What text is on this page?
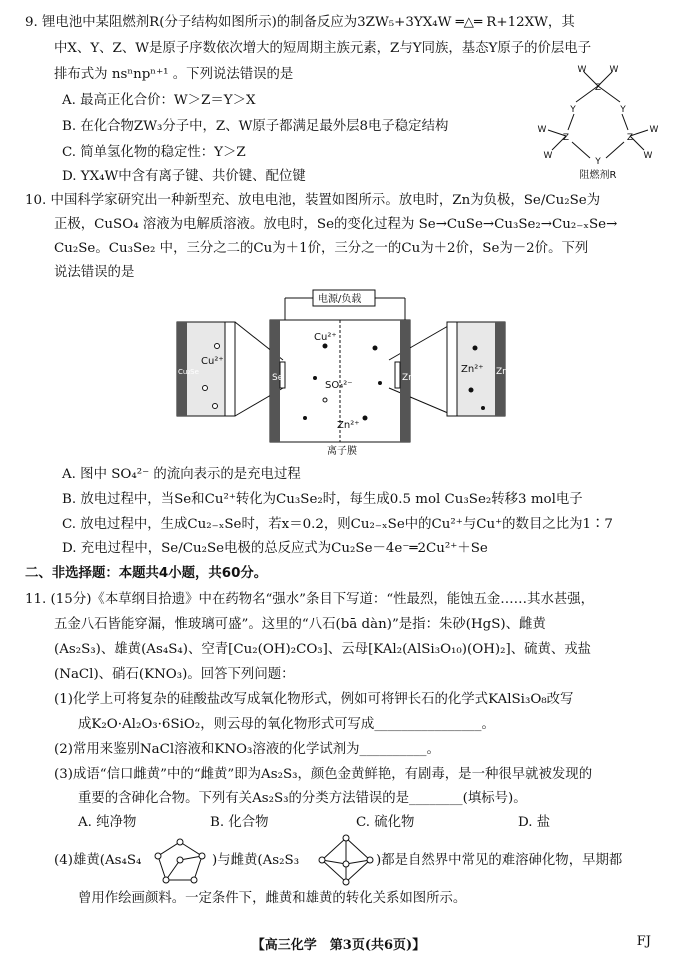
9. 锂电池中某阻燃剂R(分子结构如图所示)的制备反应为3ZW₅+3YX₄W ═△═ R+12XW，其
中X、Y、Z、W是原子序数依次增大的短周期主族元素，Z与Y同族，基态Y原子的价层电子
排布式为 nsⁿnpⁿ⁺¹ 。下列说法错误的是
A. 最高正化合价：W＞Z＝Y＞X
B. 在化合物ZW₃分子中，Z、W原子都满足最外层8电子稳定结构
C. 简单氢化物的稳定性：Y＞Z
D. YX₄W中含有离子键、共价键、配位键
Z
Y	Y
Z	Z
Y
W	W
W
W
W
W
阻燃剂R
10. 中国科学家研究出一种新型充、放电电池，装置如图所示。放电时，Zn为负极，Se/Cu₂Se为
正极，CuSO₄ 溶液为电解质溶液。放电时，Se的变化过程为 Se→CuSe→Cu₃Se₂→Cu₂₋ₓSe→
Cu₂Se。Cu₃Se₂ 中，三分之二的Cu为＋1价，三分之一的Cu为＋2价，Se为－2价。下列
说法错误的是
电源/负载
Cu²⁺
Cu²⁺
SO₄²⁻
Zn²⁺
Zn²⁺
离子膜
Se	Zn
Zn
Cu₂Se
A. 图中 SO₄²⁻ 的流向表示的是充电过程
B. 放电过程中，当Se和Cu²⁺转化为Cu₃Se₂时，每生成0.5 mol Cu₃Se₂转移3 mol电子
C. 放电过程中，生成Cu₂₋ₓSe时，若x＝0.2，则Cu₂₋ₓSe中的Cu²⁺与Cu⁺的数目之比为1∶7
D. 充电过程中，Se/Cu₂Se电极的总反应式为Cu₂Se－4e⁻═2Cu²⁺＋Se
二、非选择题：本题共4小题，共60分。
11. (15分)《本草纲目拾遗》中在药物名“强水”条目下写道：“性最烈，能蚀五金……其水甚强，
五金八石皆能穿漏，惟玻璃可盛”。这里的“八石(bā dàn)”是指：朱砂(HgS)、雌黄
(As₂S₃)、雄黄(As₄S₄)、空青[Cu₂(OH)₂CO₃]、云母[KAl₂(AlSi₃O₁₀)(OH)₂]、硫黄、戎盐
(NaCl)、硝石(KNO₃)。回答下列问题：
(1)化学上可将复杂的硅酸盐改写成氧化物形式，例如可将钾长石的化学式KAlSi₃O₈改写
成K₂O·Al₂O₃·6SiO₂，则云母的氧化物形式可写成________________。
(2)常用来鉴别NaCl溶液和KNO₃溶液的化学试剂为__________。
(3)成语“信口雌黄”中的“雌黄”即为As₂S₃，颜色金黄鲜艳，有剧毒，是一种很早就被发现的
重要的含砷化合物。下列有关As₂S₃的分类方法错误的是________(填标号)。
A. 纯净物	B. 化合物	C. 硫化物	D. 盐
(4)雄黄(As₄S₄	)与雌黄(As₂S₃	)都是自然界中常见的难溶砷化物，早期都
曾用作绘画颜料。一定条件下，雌黄和雄黄的转化关系如图所示。
【高三化学　第3页(共6页)】	FJ
